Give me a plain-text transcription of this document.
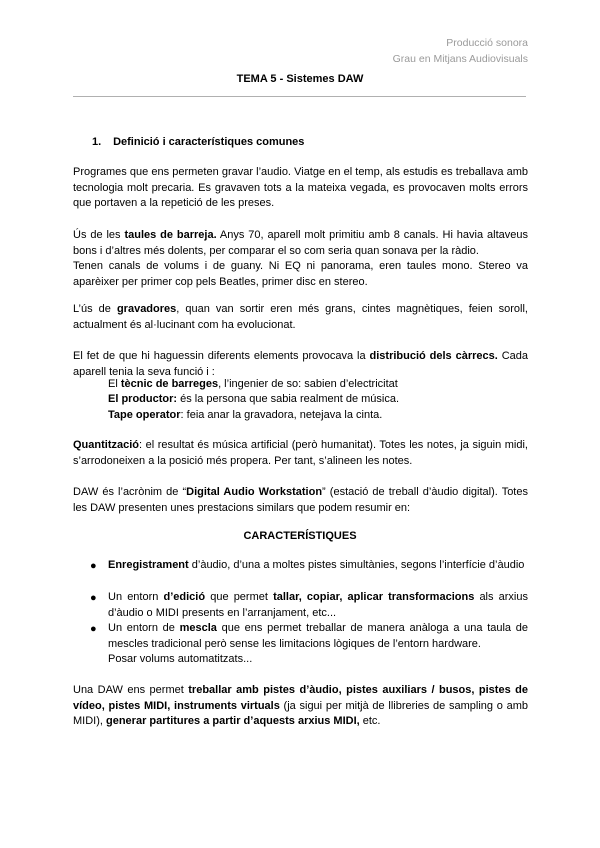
Producció sonora
Grau en Mitjans Audiovisuals
TEMA 5 - Sistemes DAW
1. Definició i característiques comunes
Programes que ens permeten gravar l’audio. Viatge en el temp, als estudis es treballava amb tecnologia molt precaria. Es gravaven tots a la mateixa vegada, es provocaven molts errors que portaven a la repetició de les preses.
Ús de les taules de barreja. Anys 70, aparell molt primitiu amb 8 canals. Hi havia altaveus bons i d’altres més dolents, per comparar el so com seria quan sonava per la ràdio.
Tenen canals de volums i de guany. Ni EQ ni panorama, eren taules mono. Stereo va aparèixer per primer cop pels Beatles, primer disc en stereo.
L’ús de gravadores, quan van sortir eren més grans, cintes magnètiques, feien soroll, actualment és al·lucinant com ha evolucionat.
El fet de que hi haguessin diferents elements provocava la distribució dels càrrecs. Cada aparell tenia la seva funció i :
El tècnic de barreges, l’ingenier de so: sabien d’electricitat
El productor: és la persona que sabia realment de música.
Tape operator: feia anar la gravadora, netejava la cinta.
Quantització: el resultat és música artificial (però humanitat). Totes les notes, ja siguin midi, s’arrodoneixen a la posició més propera. Per tant, s’alineen les notes.
DAW és l’acrònim de “Digital Audio Workstation” (estació de treball d’àudio digital). Totes les DAW presenten unes prestacions similars que podem resumir en:
CARACTERÍSTIQUES
● Enregistrament d’àudio, d’una a moltes pistes simultànies, segons l’interfície d’àudio
● Un entorn d’edició que permet tallar, copiar, aplicar transformacions als arxius d’àudio o MIDI presents en l’arranjament, etc...
● Un entorn de mescla que ens permet treballar de manera anàloga a una taula de mescles tradicional però sense les limitacions lògiques de l’entorn hardware.
Posar volums automatitzats...
Una DAW ens permet treballar amb pistes d’àudio, pistes auxiliars / busos, pistes de vídeo, pistes MIDI, instruments virtuals (ja sigui per mitjà de llibreries de sampling o amb MIDI), generar partitures a partir d’aquests arxius MIDI, etc.
